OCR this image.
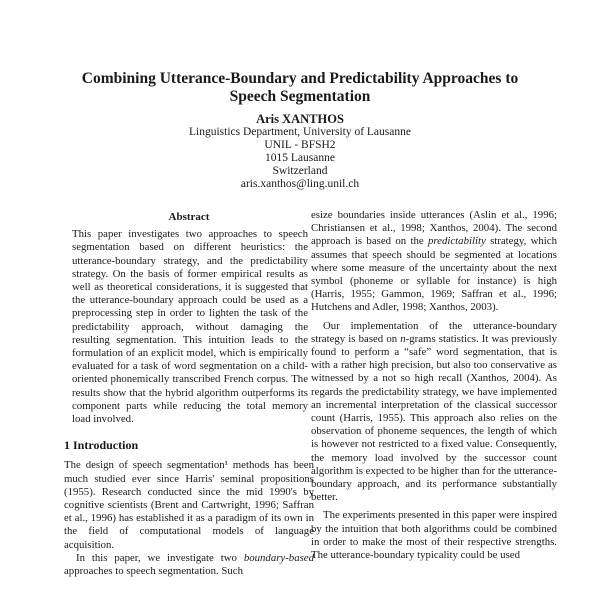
Combining Utterance-Boundary and Predictability Approaches to
Speech Segmentation
Aris XANTHOS
Linguistics Department, University of Lausanne
UNIL - BFSH2
1015 Lausanne
Switzerland
aris.xanthos@ling.unil.ch
Abstract

This paper investigates two approaches to speech segmentation based on different heuristics: the utterance-boundary strategy, and the predictability strategy. On the basis of former empirical results as well as theoretical considerations, it is suggested that the utterance-boundary approach could be used as a preprocessing step in order to lighten the task of the predictability approach, without damaging the resulting segmentation. This intuition leads to the formulation of an explicit model, which is empirically evaluated for a task of word segmentation on a child-oriented phonemically transcribed French corpus. The results show that the hybrid algorithm outperforms its component parts while reducing the total memory load involved.

1 Introduction

The design of speech segmentation¹ methods has been much studied ever since Harris' seminal propositions (1955). Research conducted since the mid 1990's by cognitive scientists (Brent and Cartwright, 1996; Saffran et al., 1996) has established it as a paradigm of its own in the field of computational models of language acquisition.

In this paper, we investigate two boundary-based approaches to speech segmentation. Such

esize boundaries inside utterances (Aslin et al., 1996; Christiansen et al., 1998; Xanthos, 2004). The second approach is based on the predictability strategy, which assumes that speech should be segmented at locations where some measure of the uncertainty about the next symbol (phoneme or syllable for instance) is high (Harris, 1955; Gammon, 1969; Saffran et al., 1996; Hutchens and Adler, 1998; Xanthos, 2003).

Our implementation of the utterance-boundary strategy is based on n-grams statistics. It was previously found to perform a “safe” word segmentation, that is with a rather high precision, but also too conservative as witnessed by a not so high recall (Xanthos, 2004). As regards the predictability strategy, we have implemented an incremental interpretation of the classical successor count (Harris, 1955). This approach also relies on the observation of phoneme sequences, the length of which is however not restricted to a fixed value. Consequently, the memory load involved by the successor count algorithm is expected to be higher than for the utterance-boundary approach, and its performance substantially better.

The experiments presented in this paper were inspired by the intuition that both algorithms could be combined in order to make the most of their respective strengths. The utterance-boundary typicality could be used
